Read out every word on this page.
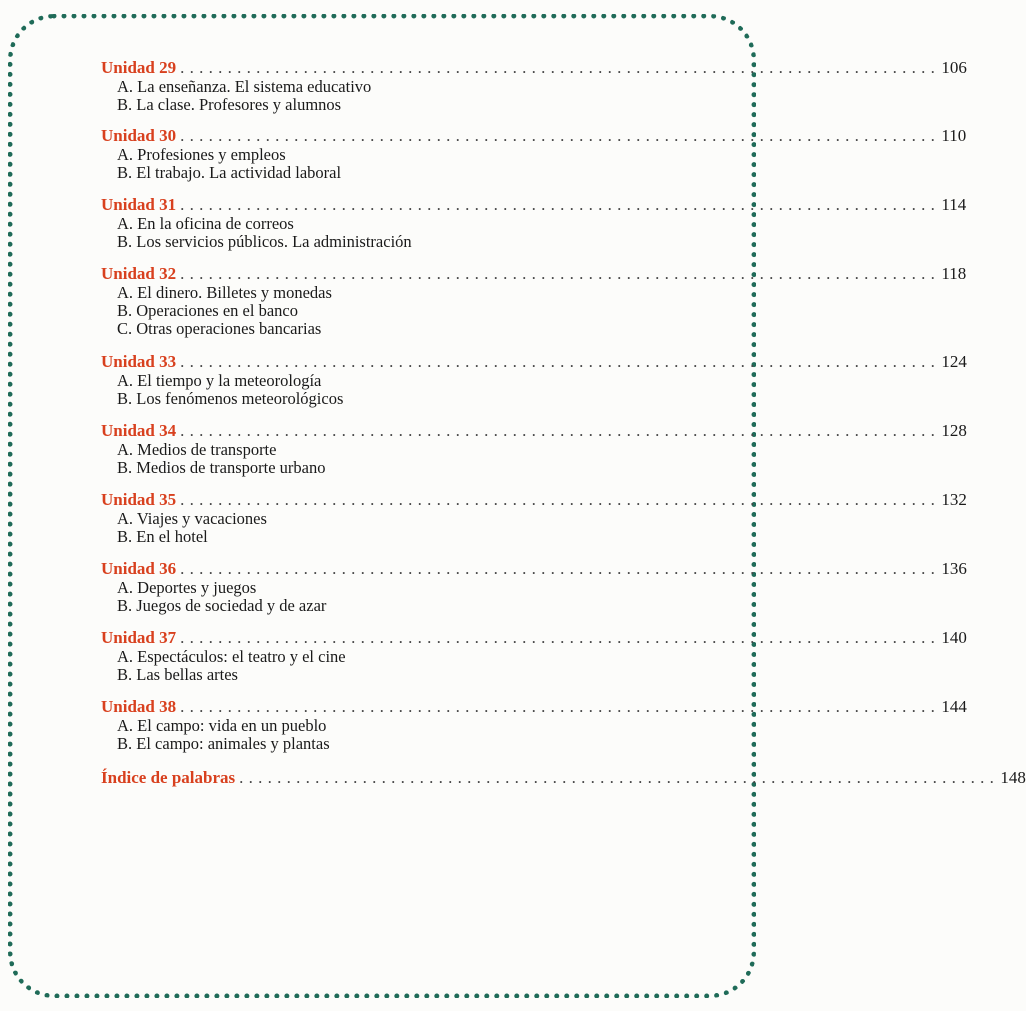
Unidad 29 . . . . . . . . . . . . . . . . . . . . . . . . . . . . . . . . . . . . . . . . . . . . . . . . . . . . . . . . . . . . . . . . . . . . . . . . . . . . . . . . 106
A. La enseñanza. El sistema educativo
B. La clase. Profesores y alumnos
Unidad 30 . . . . . . . . . . . . . . . . . . . . . . . . . . . . . . . . . . . . . . . . . . . . . . . . . . . . . . . . . . . . . . . . . . . . . . . . . . . . . . . . 110
A. Profesiones y empleos
B. El trabajo. La actividad laboral
Unidad 31 . . . . . . . . . . . . . . . . . . . . . . . . . . . . . . . . . . . . . . . . . . . . . . . . . . . . . . . . . . . . . . . . . . . . . . . . . . . . . . . . 114
A. En la oficina de correos
B. Los servicios públicos. La administración
Unidad 32 . . . . . . . . . . . . . . . . . . . . . . . . . . . . . . . . . . . . . . . . . . . . . . . . . . . . . . . . . . . . . . . . . . . . . . . . . . . . . . . . 118
A. El dinero. Billetes y monedas
B. Operaciones en el banco
C. Otras operaciones bancarias
Unidad 33 . . . . . . . . . . . . . . . . . . . . . . . . . . . . . . . . . . . . . . . . . . . . . . . . . . . . . . . . . . . . . . . . . . . . . . . . . . . . . . . . 124
A. El tiempo y la meteorología
B. Los fenómenos meteorológicos
Unidad 34 . . . . . . . . . . . . . . . . . . . . . . . . . . . . . . . . . . . . . . . . . . . . . . . . . . . . . . . . . . . . . . . . . . . . . . . . . . . . . . . . 128
A. Medios de transporte
B. Medios de transporte urbano
Unidad 35 . . . . . . . . . . . . . . . . . . . . . . . . . . . . . . . . . . . . . . . . . . . . . . . . . . . . . . . . . . . . . . . . . . . . . . . . . . . . . . . . 132
A. Viajes y vacaciones
B. En el hotel
Unidad 36 . . . . . . . . . . . . . . . . . . . . . . . . . . . . . . . . . . . . . . . . . . . . . . . . . . . . . . . . . . . . . . . . . . . . . . . . . . . . . . . . 136
A. Deportes y juegos
B. Juegos de sociedad y de azar
Unidad 37 . . . . . . . . . . . . . . . . . . . . . . . . . . . . . . . . . . . . . . . . . . . . . . . . . . . . . . . . . . . . . . . . . . . . . . . . . . . . . . . . 140
A. Espectáculos: el teatro y el cine
B. Las bellas artes
Unidad 38 . . . . . . . . . . . . . . . . . . . . . . . . . . . . . . . . . . . . . . . . . . . . . . . . . . . . . . . . . . . . . . . . . . . . . . . . . . . . . . . . 144
A. El campo: vida en un pueblo
B. El campo: animales y plantas
Índice de palabras . . . . . . . . . . . . . . . . . . . . . . . . . . . . . . . . . . . . . . . . . . . . . . . . . . . . . . . . . . . . . . . . . . . . . . . . . . . . . . . . 148
